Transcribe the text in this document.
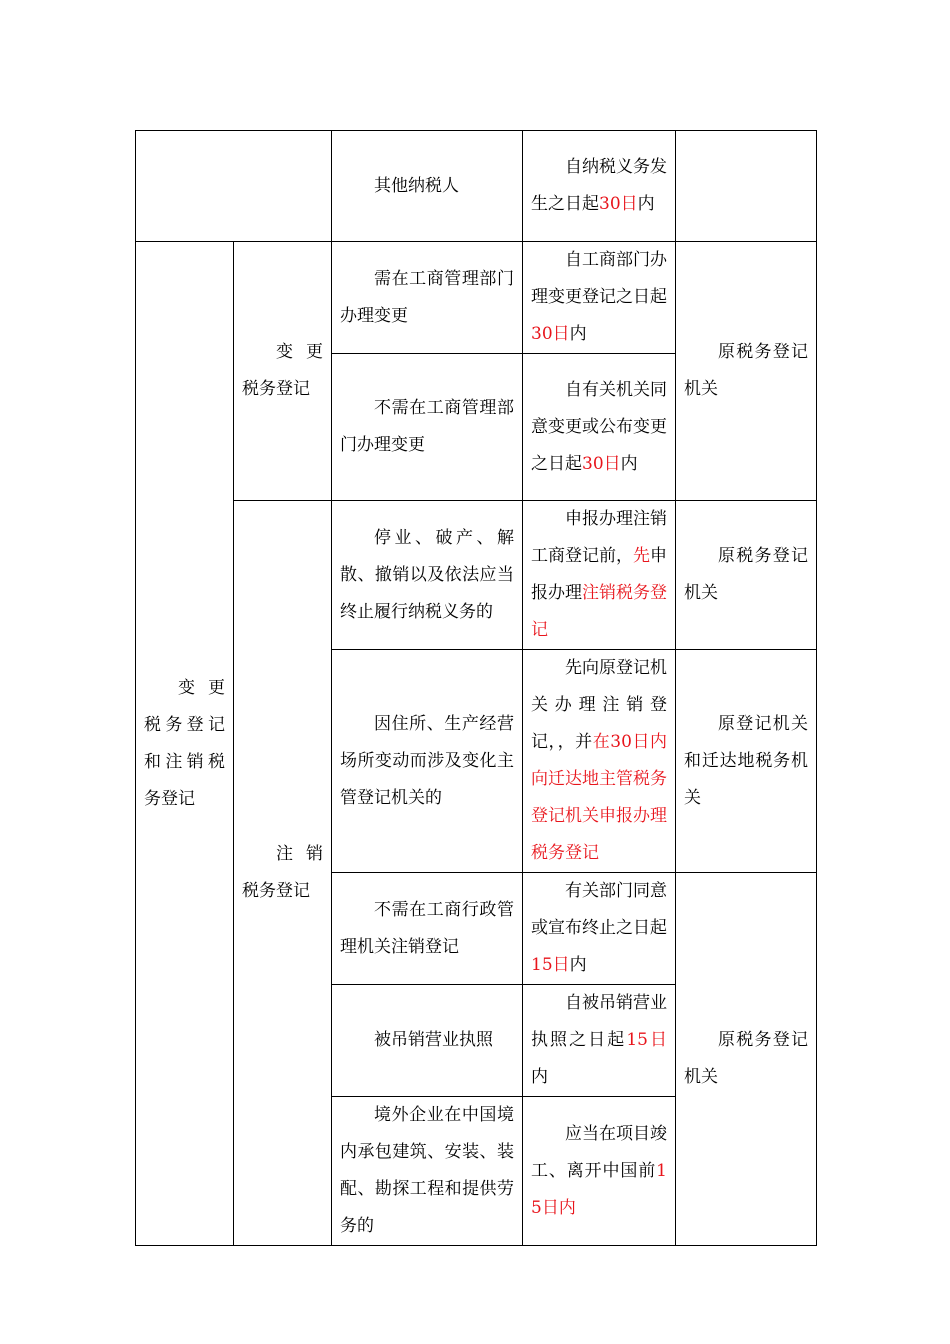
		其他纳税人	自纳税义务发生之日起30日内	
变 更税务登记和注销税务登记	变 更税务登记	需在工商管理部门办理变更	自工商部门办理变更登记之日起30日内	原税务登记机关
		不需在工商管理部门办理变更	自有关机关同意变更或公布变更之日起30日内	
	注 销税务登记	停业、破产、解散、撤销以及依法应当终止履行纳税义务的	申报办理注销工商登记前，先申报办理注销税务登记	原税务登记机关
		因住所、生产经营场所变动而涉及变化主管登记机关的	先向原登记机关办理注销登记，，并在30日内向迁达地主管税务登记机关申报办理税务登记	原登记机关和迁达地税务机关
		不需在工商行政管理机关注销登记	有关部门同意或宣布终止之日起15日内	原税务登记机关
		被吊销营业执照	自被吊销营业执照之日起15日内	
		境外企业在中国境内承包建筑、安装、装配、勘探工程和提供劳务的	应当在项目竣工、离开中国前15日内	
